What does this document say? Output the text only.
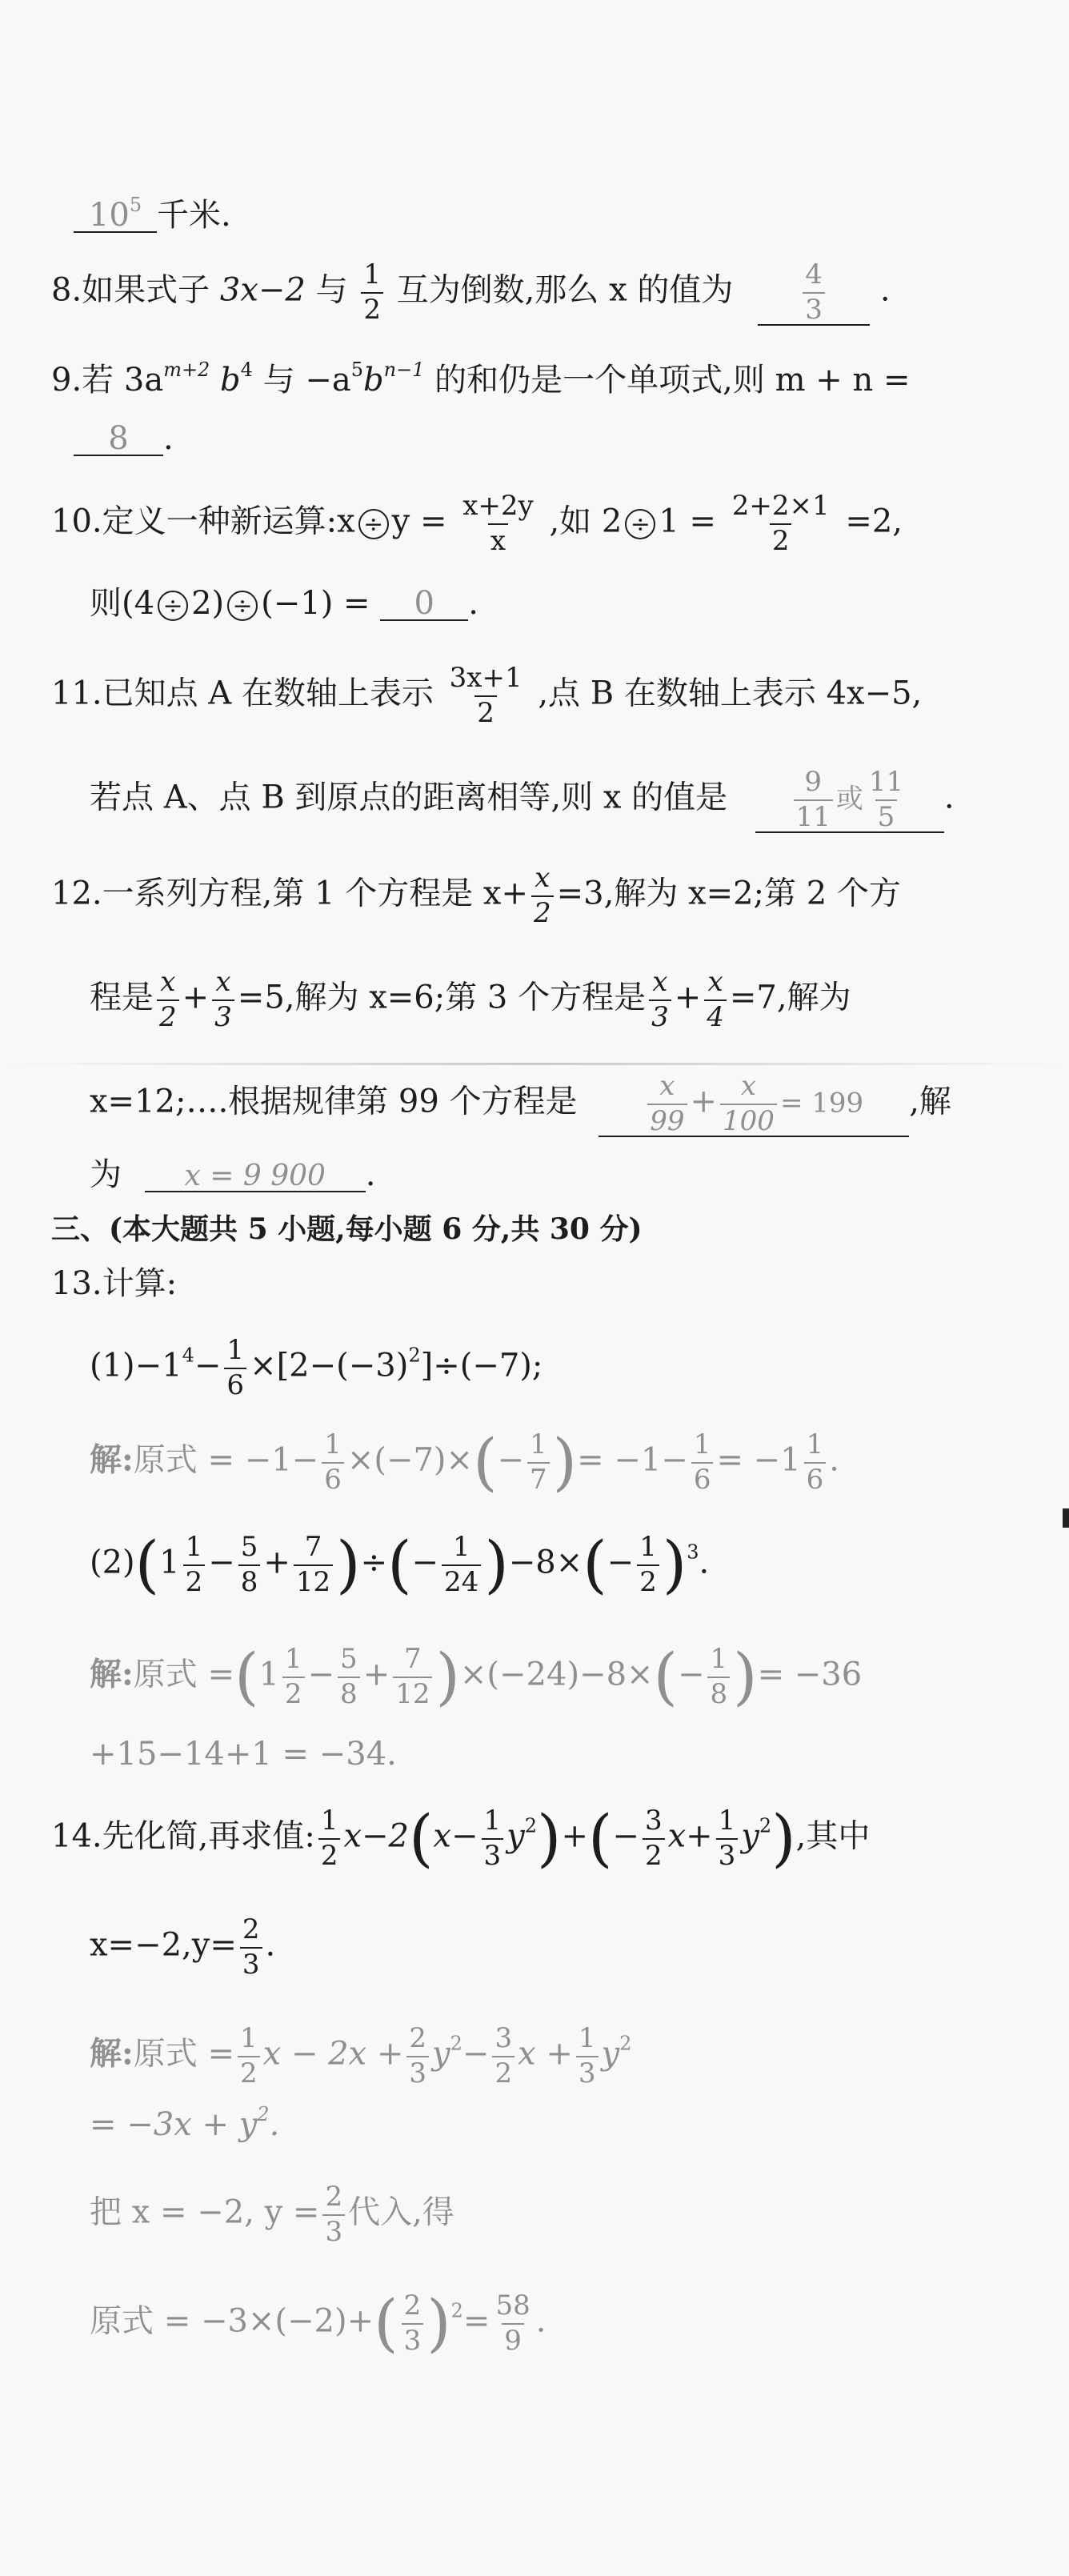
$10^5$ 千米.
8.如果式子 3x−2 与 $\frac{1}{2}$ 互为倒数,那么 x 的值为	$\frac{4}{3}$ .
9.若 $3a^{m+2}$ $b^4$ 与 $-a^5b^{n-1}$ 的和仍是一个单项式,则 m + n =
8 .
10.定义一种新运算:x ÷ $y = \frac{x+2y}{x}$ ,如 $2 \div 1 = \frac{2+2\times 1}{2} =2$,
则(4 ÷ 2) ÷ (−1) = 0 .
11.已知点 A 在数轴上表示 $\frac{3x+1}{2}$ ,点 B 在数轴上表示 4x−5,
若点 A、点 B 到原点的距离相等,则 x 的值是 $\frac{9}{11}$ 或 $\frac{11}{5}$ .
12.一系列方程,第 1 个方程是 $x+ \frac{x}{2} =3$,解为 x=2;第 2 个方
程是 $\frac{x}{2} + \frac{x}{3} =5$,解为 x=6;第 3 个方程是 $\frac{x}{3} + \frac{x}{4} =7$,解为
x=12;….根据规律第 99 个方程是	$\frac{x}{99} + \frac{x}{100} = 199$ ,解
为 x = 9 900 .
三、(本大题共 5 小题,每小题 6 分,共 30 分)
13.计算:
$(1)-1^4- \frac{1}{6} \times[2-(-3)^2]\div(-7)$;
解:原式 = $-1- \frac{1}{6} \times(-7)\times(- \frac{1}{7}$ )= $-1- \frac{1}{6} = -1 \frac{1}{6}$ .
$(2)(1 \frac{1}{2} - \frac{5}{8} + \frac{7}{12}$ )÷(− $\frac{1}{24} )-8\times(- \frac{1}{2} )^3$.
解:原式 $=(1 \frac{1}{2} - \frac{5}{8} + \frac{7}{12} )\times(-24)-8\times(- \frac{1}{8}$ )= −36
+15−14+1 = −34.
14.先化简,再求值: $\frac{1}{2} x-2(x- \frac{1}{3} y^2)+(- \frac{3}{2} x+ \frac{1}{3} y^2)$,其中
$x=-2,y= \frac{2}{3}$ .
解:原式 = $\frac{1}{2}$ $x - 2x + \frac{2}{3} y^2- \frac{3}{2}$ $x + \frac{1}{3} y^2$
= $-3x + y^2$.
把 x = −2, $y = \frac{2}{3}$ 代入,得
原式 = $-3\times(-2)+( \frac{2}{3} )^2= \frac{58}{9}$ .
